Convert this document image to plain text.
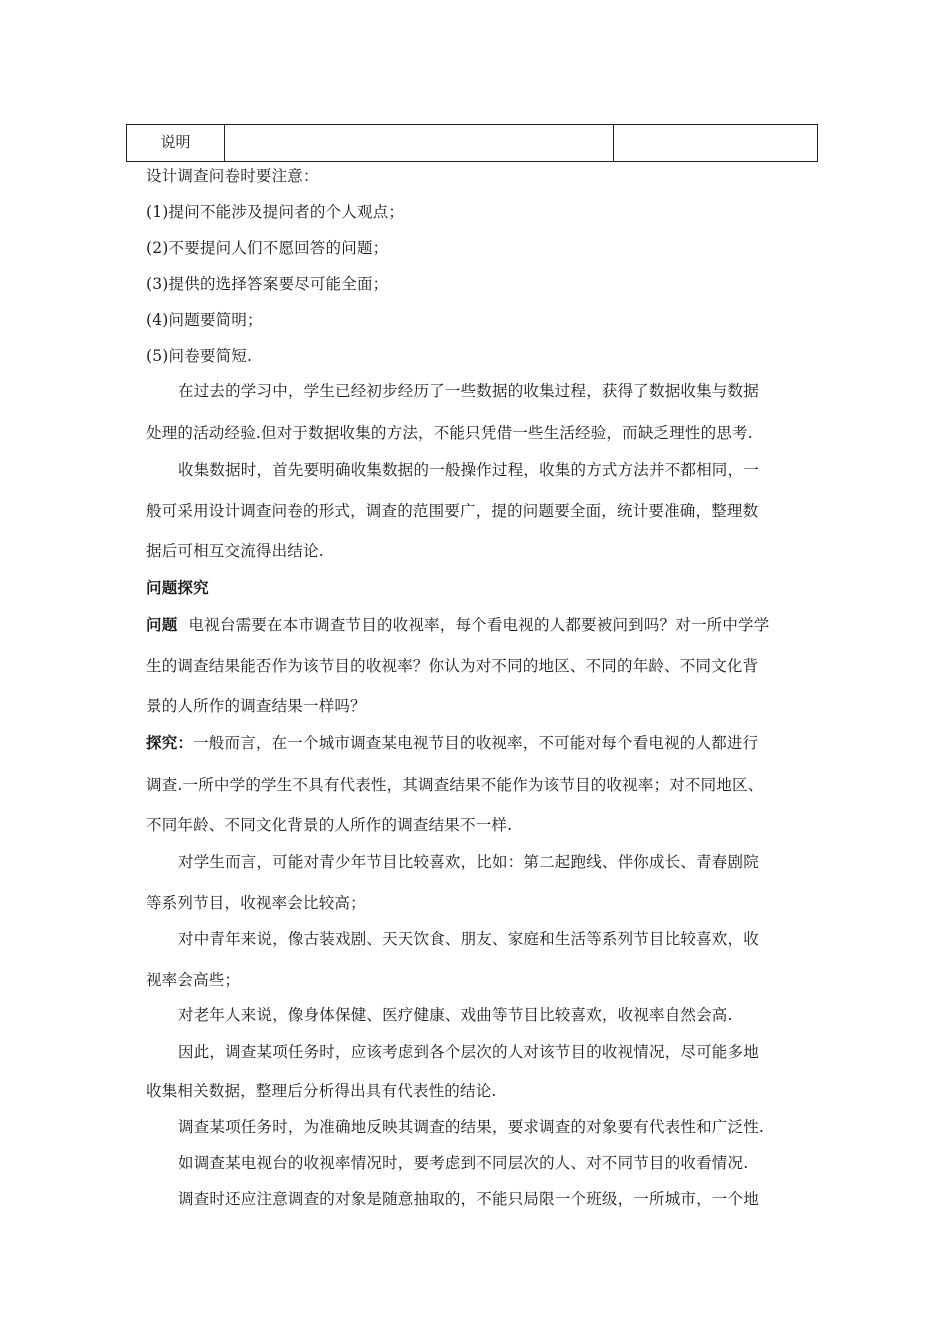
说明		
设计调查问卷时要注意：
(1)提问不能涉及提问者的个人观点；
(2)不要提问人们不愿回答的问题；
(3)提供的选择答案要尽可能全面；
(4)问题要简明；
(5)问卷要简短.
在过去的学习中，学生已经初步经历了一些数据的收集过程，获得了数据收集与数据
处理的活动经验.但对于数据收集的方法，不能只凭借一些生活经验，而缺乏理性的思考.
收集数据时，首先要明确收集数据的一般操作过程，收集的方式方法并不都相同，一
般可采用设计调查问卷的形式，调查的范围要广，提的问题要全面，统计要准确，整理数
据后可相互交流得出结论.
问题探究
问题 电视台需要在本市调查节目的收视率，每个看电视的人都要被问到吗？对一所中学学
生的调查结果能否作为该节目的收视率？你认为对不同的地区、不同的年龄、不同文化背
景的人所作的调查结果一样吗？
探究：一般而言，在一个城市调查某电视节目的收视率，不可能对每个看电视的人都进行
调查.一所中学的学生不具有代表性，其调查结果不能作为该节目的收视率；对不同地区、
不同年龄、不同文化背景的人所作的调查结果不一样.
对学生而言，可能对青少年节目比较喜欢，比如：第二起跑线、伴你成长、青春剧院
等系列节目，收视率会比较高；
对中青年来说，像古装戏剧、天天饮食、朋友、家庭和生活等系列节目比较喜欢，收
视率会高些；
对老年人来说，像身体保健、医疗健康、戏曲等节目比较喜欢，收视率自然会高.
因此，调查某项任务时，应该考虑到各个层次的人对该节目的收视情况，尽可能多地
收集相关数据，整理后分析得出具有代表性的结论.
调查某项任务时，为准确地反映其调查的结果，要求调查的对象要有代表性和广泛性.
如调查某电视台的收视率情况时，要考虑到不同层次的人、对不同节目的收看情况.
调查时还应注意调查的对象是随意抽取的，不能只局限一个班级，一所城市，一个地
